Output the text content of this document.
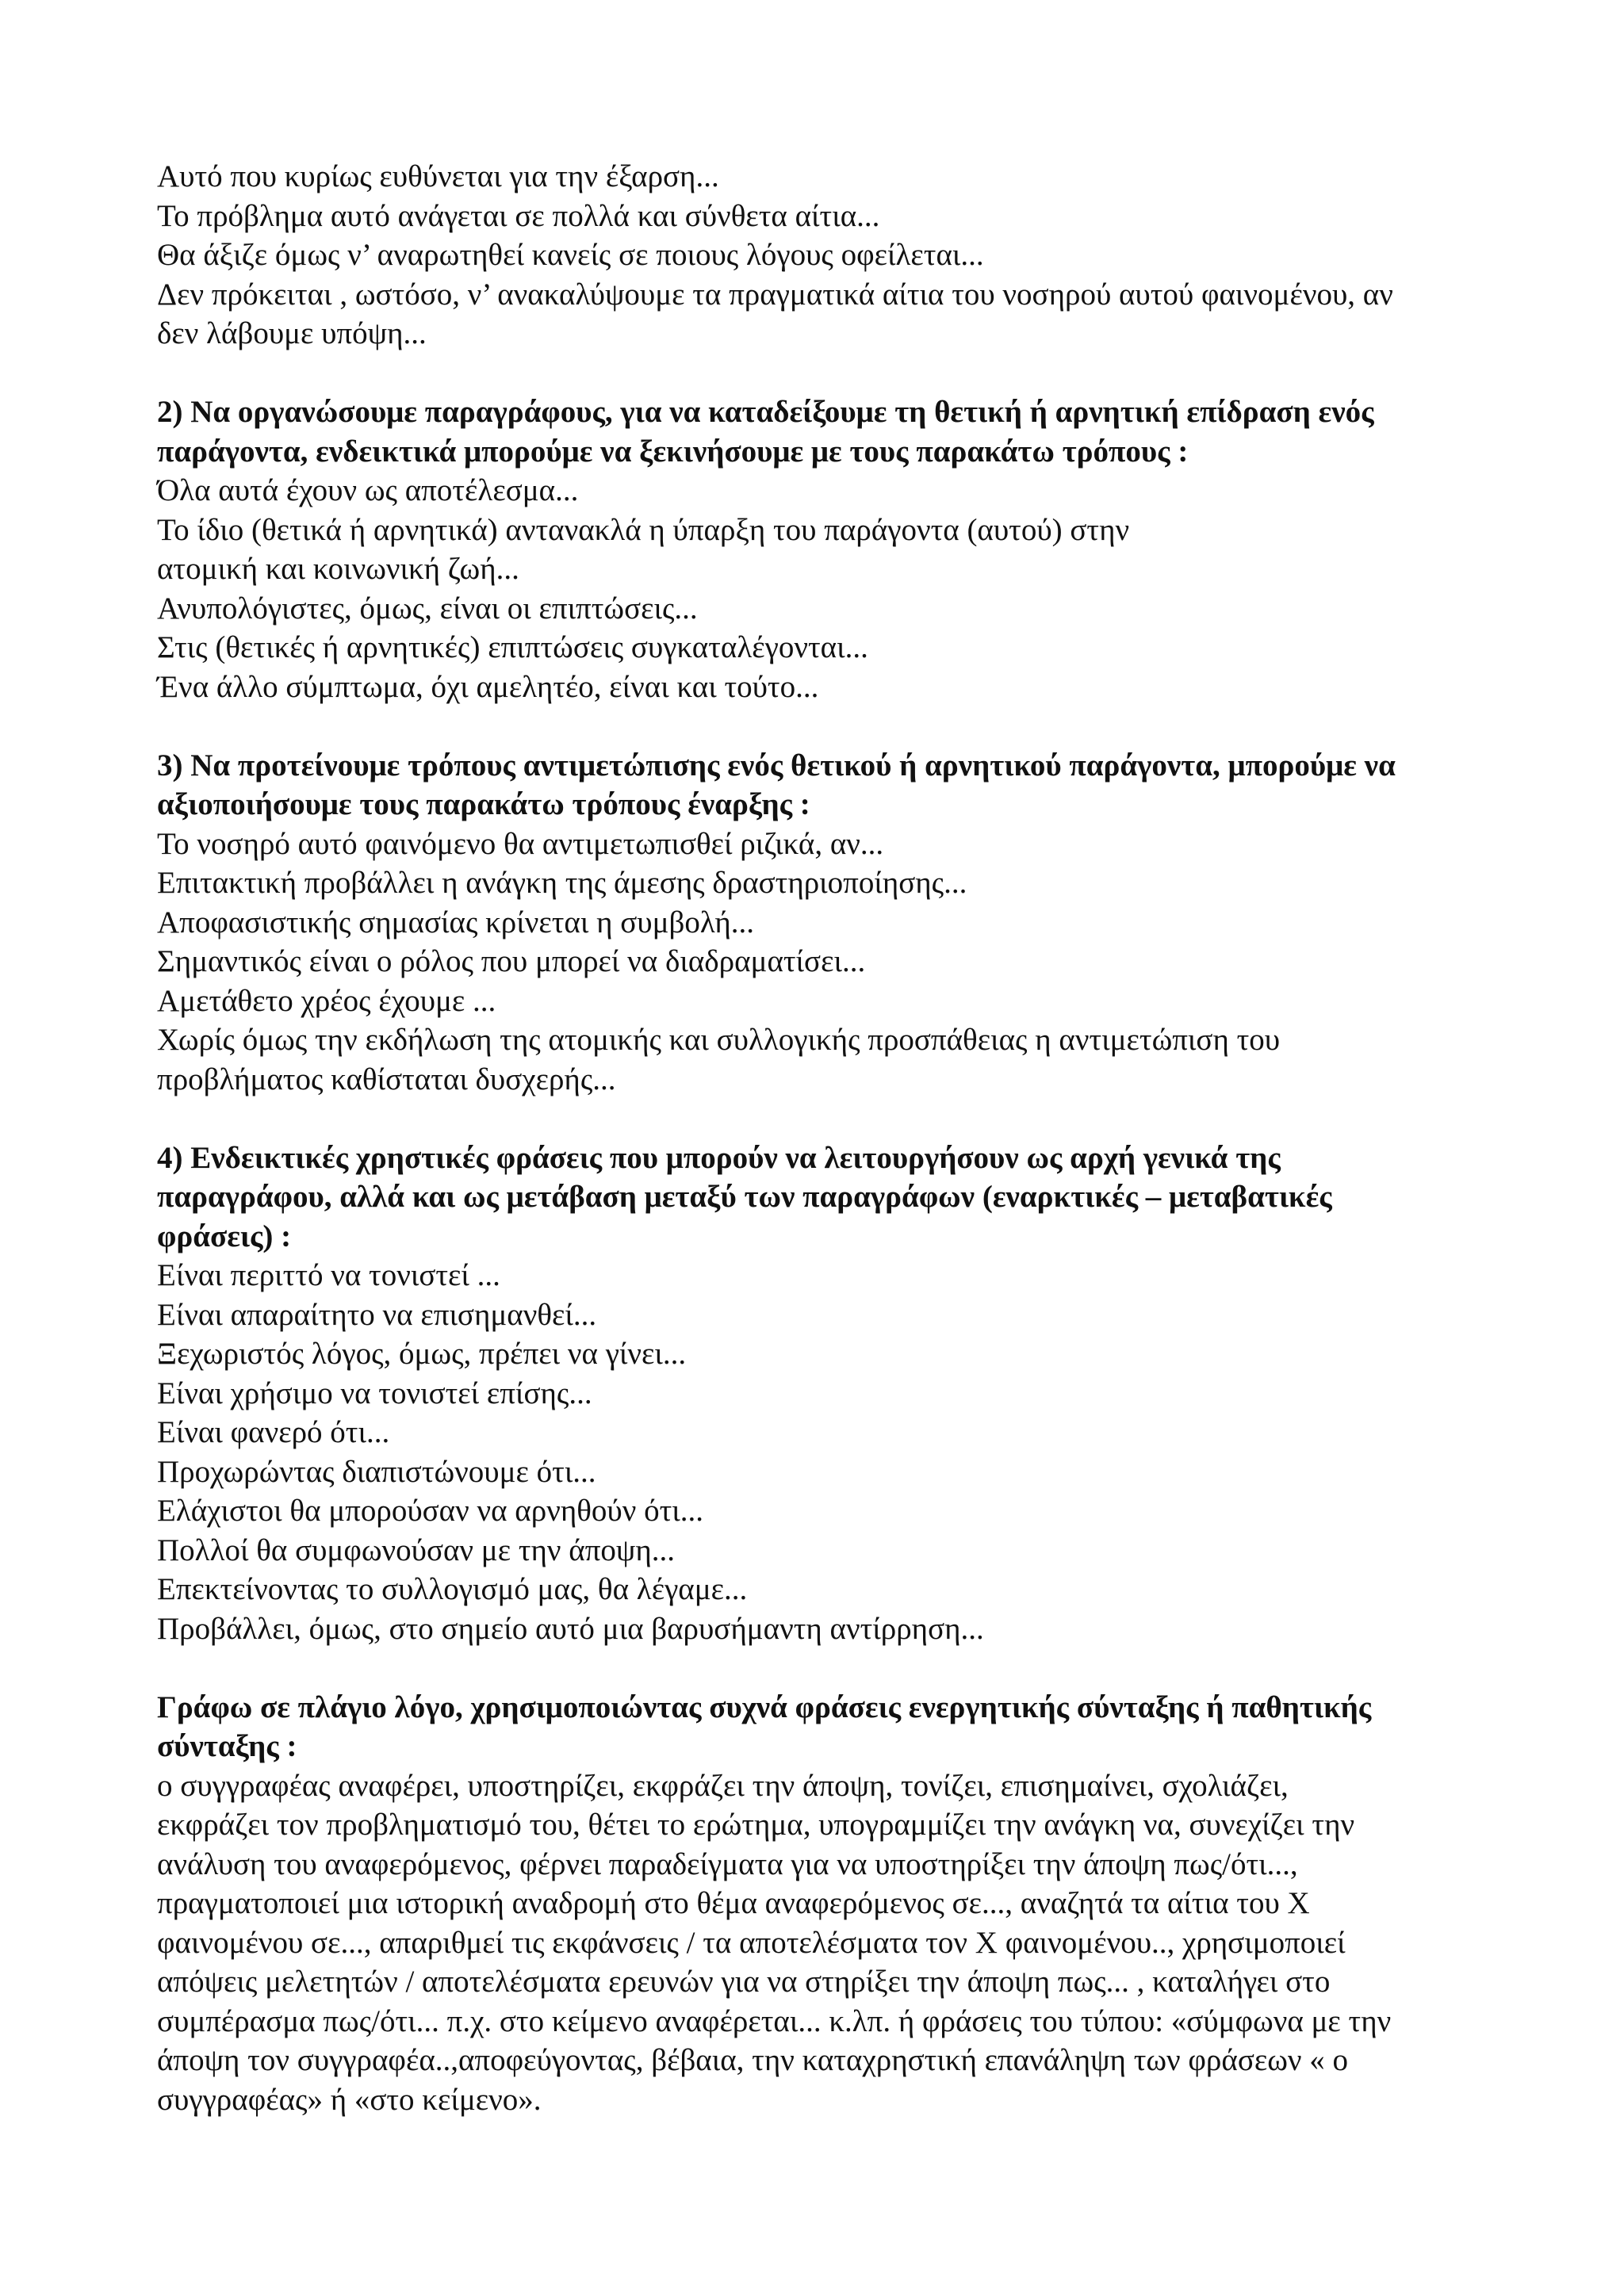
Αυτό που κυρίως ευθύνεται για την έξαρση...

Το πρόβλημα αυτό ανάγεται σε πολλά και σύνθετα αίτια...

Θα άξιζε όμως ν’ αναρωτηθεί κανείς σε ποιους λόγους οφείλεται...

Δεν πρόκειται , ωστόσο, ν’ ανακαλύψουμε τα πραγματικά αίτια του νοσηρού αυτού φαινομένου, αν

δεν λάβουμε υπόψη...

2) Να οργανώσουμε παραγράφους, για να καταδείξουμε τη θετική ή αρνητική επίδραση ενός

παράγοντα, ενδεικτικά μπορούμε να ξεκινήσουμε με τους παρακάτω τρόπους :

Όλα αυτά έχουν ως αποτέλεσμα...

Το ίδιο (θετικά ή αρνητικά) αντανακλά η ύπαρξη του παράγοντα (αυτού) στην

ατομική και κοινωνική ζωή...

Ανυπολόγιστες, όμως, είναι οι επιπτώσεις...

Στις (θετικές ή αρνητικές) επιπτώσεις συγκαταλέγονται...

Ένα άλλο σύμπτωμα, όχι αμελητέο, είναι και τούτο...

3) Να προτείνουμε τρόπους αντιμετώπισης ενός θετικού ή αρνητικού παράγοντα, μπορούμε να

αξιοποιήσουμε τους παρακάτω τρόπους έναρξης :

Το νοσηρό αυτό φαινόμενο θα αντιμετωπισθεί ριζικά, αν...

Επιτακτική προβάλλει η ανάγκη της άμεσης δραστηριοποίησης...

Αποφασιστικής σημασίας κρίνεται η συμβολή...

Σημαντικός είναι ο ρόλος που μπορεί να διαδραματίσει...

Αμετάθετο χρέος έχουμε ...

Χωρίς όμως την εκδήλωση της ατομικής και συλλογικής προσπάθειας η αντιμετώπιση του

προβλήματος καθίσταται δυσχερής...

4) Ενδεικτικές χρηστικές φράσεις που μπορούν να λειτουργήσουν ως αρχή γενικά της

παραγράφου, αλλά και ως μετάβαση μεταξύ των παραγράφων (εναρκτικές – μεταβατικές

φράσεις) :

Είναι περιττό να τονιστεί ...

Είναι απαραίτητο να επισημανθεί...

Ξεχωριστός λόγος, όμως, πρέπει να γίνει...

Είναι χρήσιμο να τονιστεί επίσης...

Είναι φανερό ότι...

Προχωρώντας διαπιστώνουμε ότι...

Ελάχιστοι θα μπορούσαν να αρνηθούν ότι...

Πολλοί θα συμφωνούσαν με την άποψη...

Επεκτείνοντας το συλλογισμό μας, θα λέγαμε...

Προβάλλει, όμως, στο σημείο αυτό μια βαρυσήμαντη αντίρρηση...

Γράφω σε πλάγιο λόγο, χρησιμοποιώντας συχνά φράσεις ενεργητικής σύνταξης ή παθητικής

σύνταξης :

ο συγγραφέας αναφέρει, υποστηρίζει, εκφράζει την άποψη, τονίζει, επισημαίνει, σχολιάζει,

εκφράζει τον προβληματισμό του, θέτει το ερώτημα, υπογραμμίζει την ανάγκη να, συνεχίζει την

ανάλυση του αναφερόμενος, φέρνει παραδείγματα για να υποστηρίξει την άποψη πως/ότι...,

πραγματοποιεί μια ιστορική αναδρομή στο θέμα αναφερόμενος σε..., αναζητά τα αίτια του Χ

φαινομένου σε..., απαριθμεί τις εκφάνσεις / τα αποτελέσματα τον Χ φαινομένου.., χρησιμοποιεί

απόψεις μελετητών / αποτελέσματα ερευνών για να στηρίξει την άποψη πως... , καταλήγει στο

συμπέρασμα πως/ότι... π.χ. στο κείμενο αναφέρεται... κ.λπ. ή φράσεις του τύπου: «σύμφωνα με την

άποψη τον συγγραφέα..,αποφεύγοντας, βέβαια, την καταχρηστική επανάληψη των φράσεων « ο

συγγραφέας» ή «στο κείμενο».
